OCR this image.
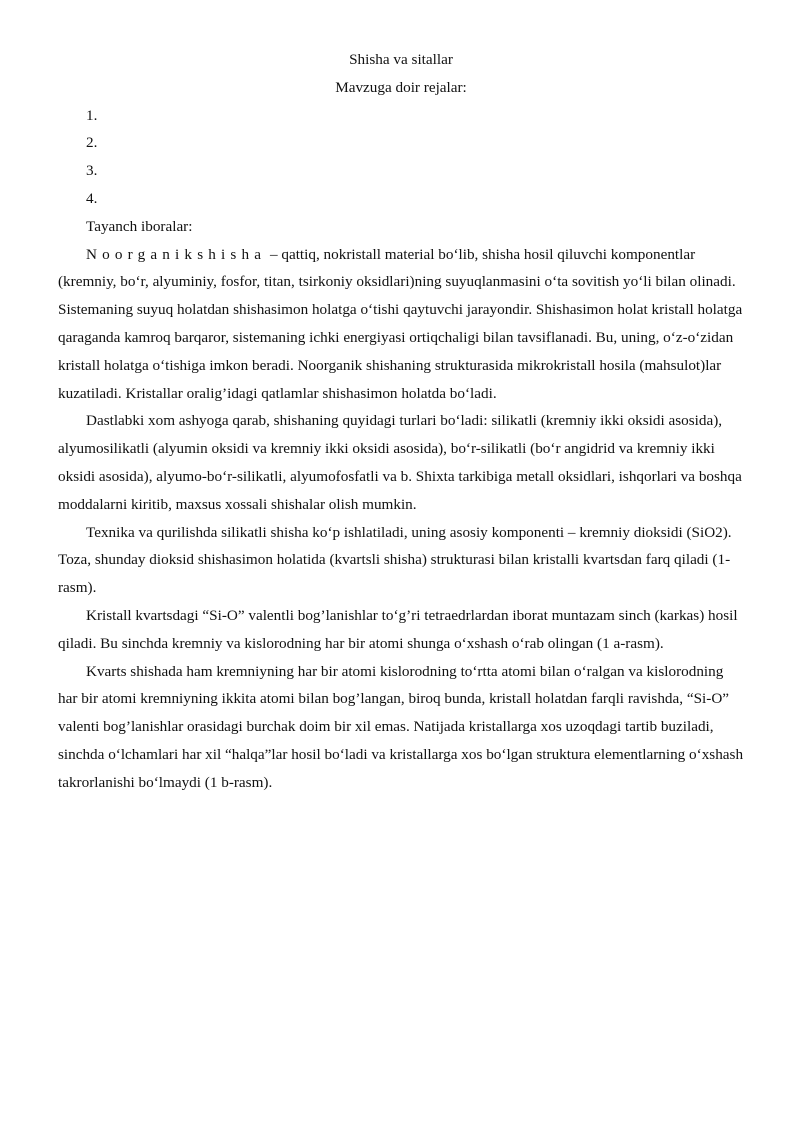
Shisha va sitallar

Mavzuga doir rejalar:

1.

2.

3.

4.

Tayanch iboralar:

Noorganikshisha – qattiq, nokristall material bo‘lib, shisha hosil qiluvchi komponentlar (kremniy, bo‘r, alyuminiy, fosfor, titan, tsirkoniy oksidlari)ning suyuqlanmasini o‘ta sovitish yo‘li bilan olinadi. Sistemaning suyuq holatdan shishasimon holatga o‘tishi qaytuvchi jarayondir. Shishasimon holat kristall holatga qaraganda kamroq barqaror, sistemaning ichki energiyasi ortiqchaligi bilan tavsiflanadi. Bu, uning, o‘z-o‘zidan kristall holatga o‘tishiga imkon beradi. Noorganik shishaning strukturasida mikrokristall hosila (mahsulot)lar kuzatiladi. Kristallar oralig’idagi qatlamlar shishasimon holatda bo‘ladi.

Dastlabki xom ashyoga qarab, shishaning quyidagi turlari bo‘ladi: silikatli (kremniy ikki oksidi asosida), alyumosilikatli (alyumin oksidi va kremniy ikki oksidi asosida), bo‘r-silikatli (bo‘r angidrid va kremniy ikki oksidi asosida), alyumo-bo‘r-silikatli, alyumofosfatli va b. Shixta tarkibiga metall oksidlari, ishqorlari va boshqa moddalarni kiritib, maxsus xossali shishalar olish mumkin.

Texnika va qurilishda silikatli shisha ko‘p ishlatiladi, uning asosiy komponenti – kremniy dioksidi (SiO2). Toza, shunday dioksid shishasimon holatida (kvartsli shisha) strukturasi bilan kristalli kvartsdan farq qiladi (1-rasm).

Kristall kvartsdagi “Si-O” valentli bog’lanishlar to‘g’ri tetraedrlardan iborat muntazam sinch (karkas) hosil qiladi. Bu sinchda kremniy va kislorodning har bir atomi shunga o‘xshash o‘rab olingan (1 a-rasm).

Kvarts shishada ham kremniyning har bir atomi kislorodning to‘rtta atomi bilan o‘ralgan va kislorodning har bir atomi kremniyning ikkita atomi bilan bog’langan, biroq bunda, kristall holatdan farqli ravishda, “Si-O” valenti bog’lanishlar orasidagi burchak doim bir xil emas. Natijada kristallarga xos uzoqdagi tartib buziladi, sinchda o‘lchamlari har xil “halqa”lar hosil bo‘ladi va kristallarga xos bo‘lgan struktura elementlarning o‘xshash takrorlanishi bo‘lmaydi (1 b-rasm).
